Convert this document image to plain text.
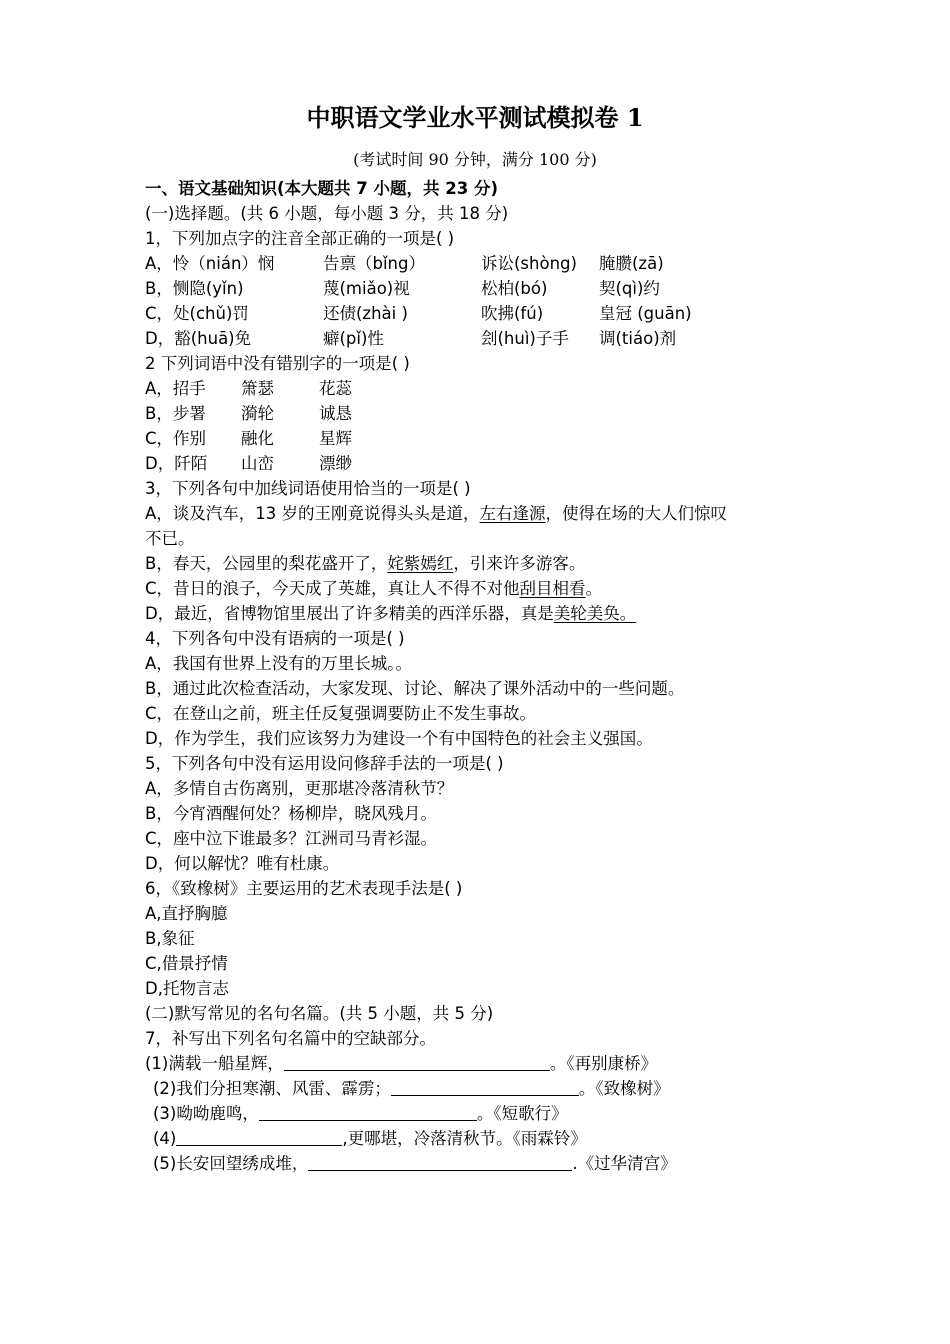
中职语文学业水平测试模拟卷 1
(考试时间 90 分钟，满分 100 分)
一、语文基础知识(本大题共 7 小题，共 23 分)
(一)选择题。(共 6 小题，每小题 3 分，共 18 分)
1，下列加点字的注音全部正确的一项是( )
A，怜（nián）悯	告禀（bǐng）	诉讼(shòng)	腌臜(zā)
B，恻隐(yǐn)	蔑(miǎo)视	松柏(bó)	契(qì)约
C，处(chǔ)罚	还债(zhài )	吹拂(fú)	皇冠 (guān)
D，豁(huā)免	癖(pǐ)性	刽(huì)子手	调(tiáo)剂
2 下列词语中没有错别字的一项是( )
A，招手	箫瑟	花蕊
B，步署	漪轮	诚恳
C，作别	融化	星辉
D，阡陌	山峦	漂缈
3，下列各句中加线词语使用恰当的一项是( )
A，谈及汽车，13 岁的王刚竟说得头头是道，左右逢源，使得在场的大人们惊叹
不已。
B，春天，公园里的梨花盛开了，姹紫嫣红，引来许多游客。
C，昔日的浪子，今天成了英雄，真让人不得不对他刮目相看。
D，最近，省博物馆里展出了许多精美的西洋乐器，真是美轮美奂。
4，下列各句中没有语病的一项是( )
A，我国有世界上没有的万里长城。。
B，通过此次检查活动，大家发现、讨论、解决了课外活动中的一些问题。
C，在登山之前，班主任反复强调要防止不发生事故。
D，作为学生，我们应该努力为建设一个有中国特色的社会主义强国。
5，下列各句中没有运用设问修辞手法的一项是( )
A，多情自古伤离别，更那堪冷落清秋节？
B，今宵酒醒何处？杨柳岸，晓风残月。
C，座中泣下谁最多？江洲司马青衫湿。
D，何以解忧？唯有杜康。
6，《致橡树》主要运用的艺术表现手法是( )
A,直抒胸臆
B,象征
C,借景抒情
D,托物言志
(二)默写常见的名句名篇。(共 5 小题，共 5 分)
7，补写出下列名句名篇中的空缺部分。
(1)满载一船星辉，	。《再别康桥》
(2)我们分担寒潮、风雷、霹雳；	。《致橡树》
(3)呦呦鹿鸣，	。《短歌行》
(4)	,更哪堪，冷落清秋节。《雨霖铃》
(5)长安回望绣成堆，	.《过华清宫》
